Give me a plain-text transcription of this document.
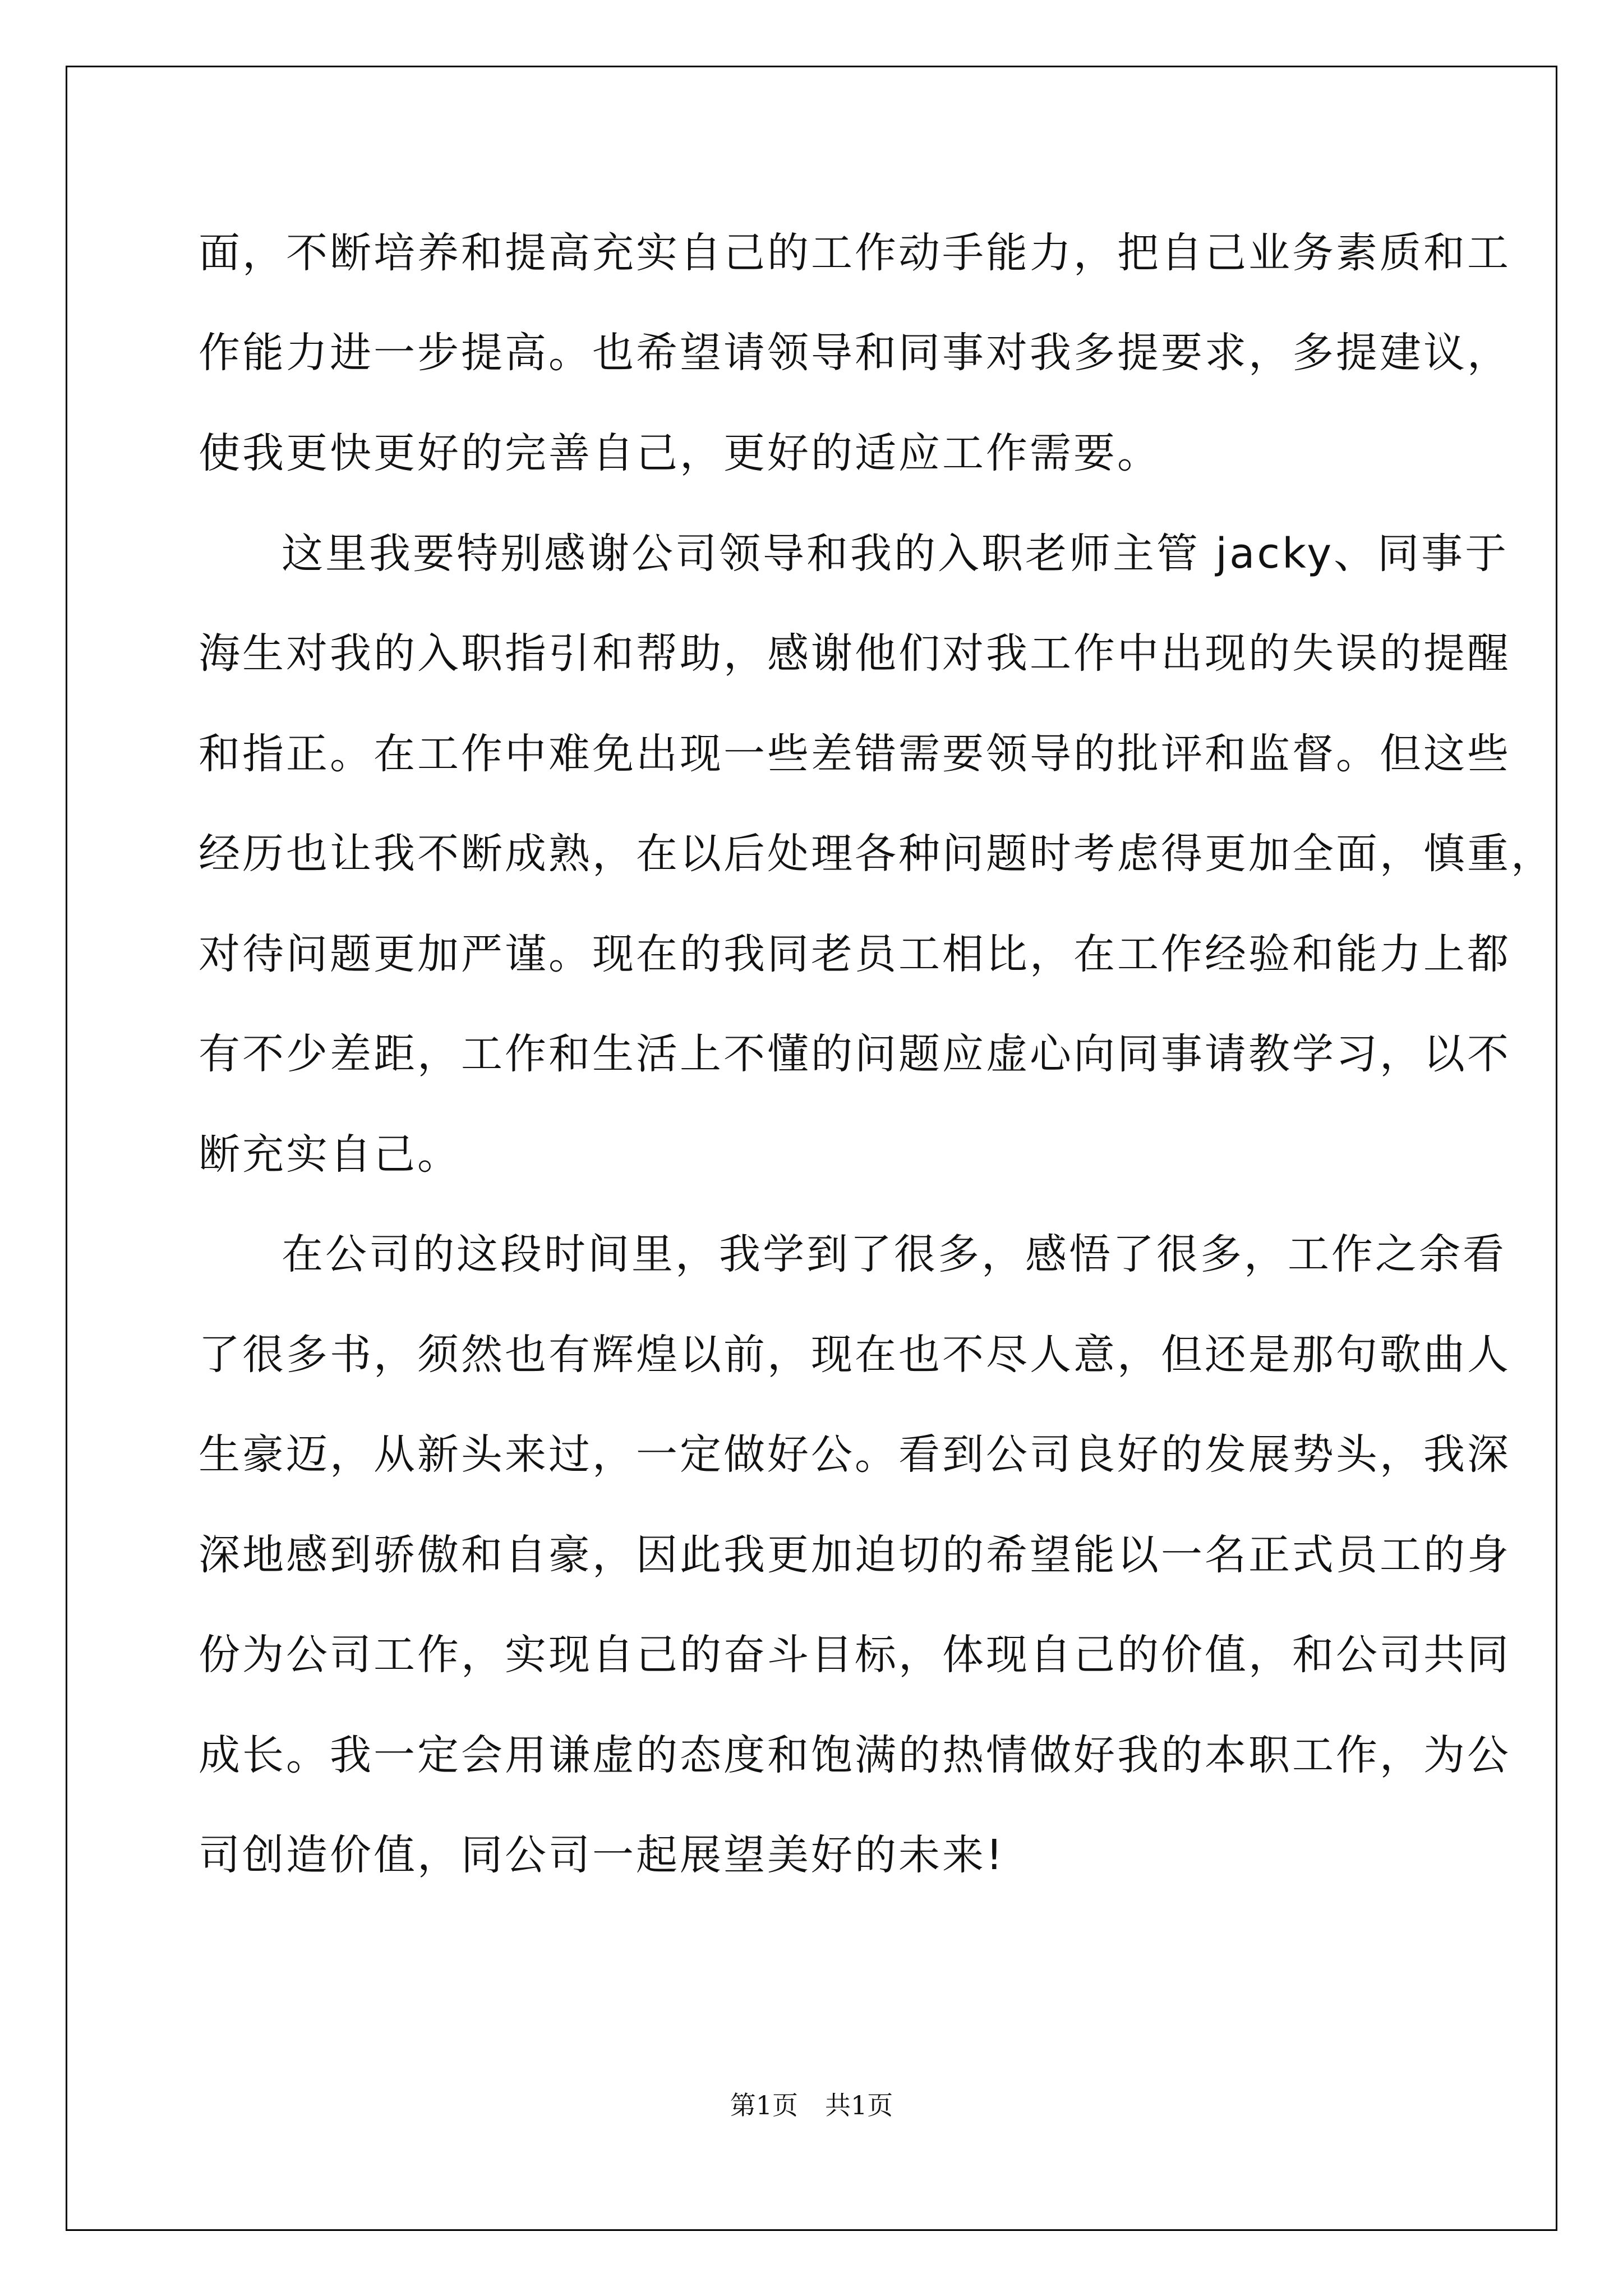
面，不断培养和提高充实自己的工作动手能力，把自己业务素质和工
作能力进一步提高。也希望请领导和同事对我多提要求，多提建议，
使我更快更好的完善自己，更好的适应工作需要。
这里我要特别感谢公司领导和我的入职老师主管 jacky、同事于
海生对我的入职指引和帮助，感谢他们对我工作中出现的失误的提醒
和指正。在工作中难免出现一些差错需要领导的批评和监督。但这些
经历也让我不断成熟，在以后处理各种问题时考虑得更加全面，慎重，
对待问题更加严谨。现在的我同老员工相比，在工作经验和能力上都
有不少差距，工作和生活上不懂的问题应虚心向同事请教学习，以不
断充实自己。
在公司的这段时间里，我学到了很多，感悟了很多，工作之余看
了很多书，须然也有辉煌以前，现在也不尽人意，但还是那句歌曲人
生豪迈，从新头来过，一定做好公。看到公司良好的发展势头，我深
深地感到骄傲和自豪，因此我更加迫切的希望能以一名正式员工的身
份为公司工作，实现自己的奋斗目标，体现自己的价值，和公司共同
成长。我一定会用谦虚的态度和饱满的热情做好我的本职工作，为公
司创造价值，同公司一起展望美好的未来!
第1页 共1页
